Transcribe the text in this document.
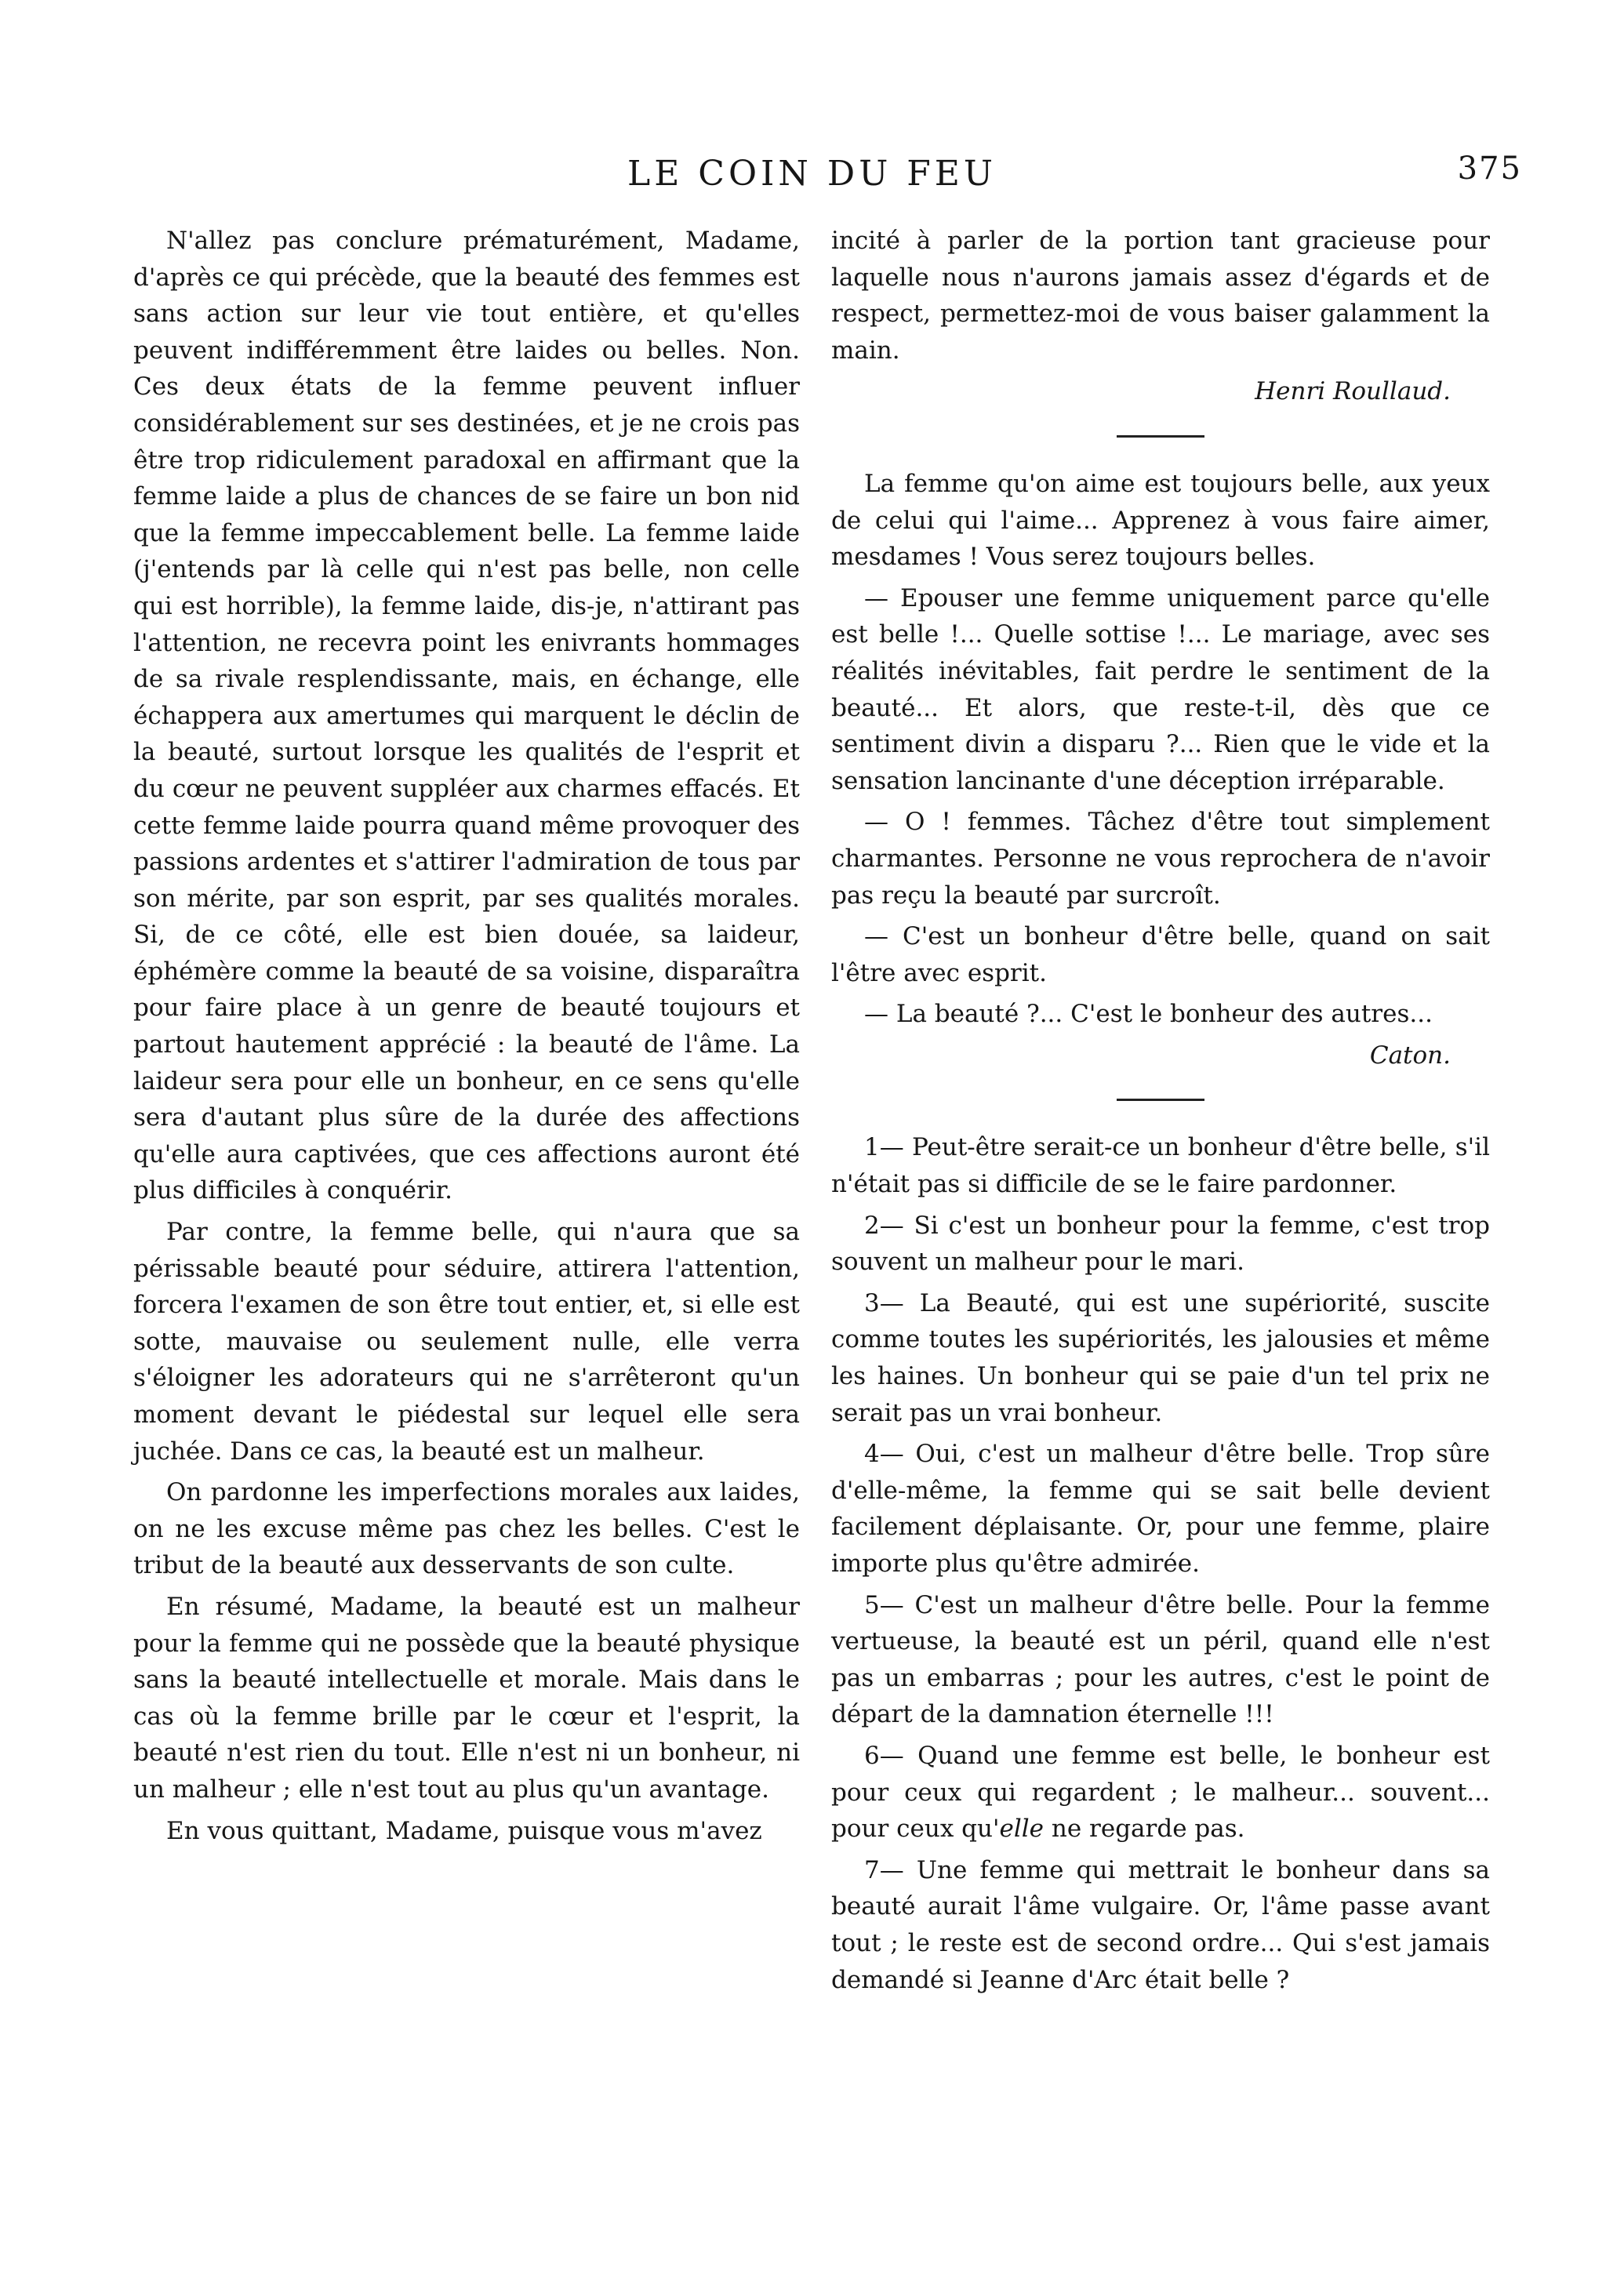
LE COIN DU FEU	375

N'allez pas conclure prématurément, Madame, d'après ce qui précède, que la beauté des femmes est sans action sur leur vie tout entière, et qu'elles peuvent indifféremment être laides ou belles. Non. Ces deux états de la femme peuvent influer considérablement sur ses destinées, et je ne crois pas être trop ridiculement paradoxal en affirmant que la femme laide a plus de chances de se faire un bon nid que la femme impeccablement belle. La femme laide (j'entends par là celle qui n'est pas belle, non celle qui est horrible), la femme laide, dis-je, n'attirant pas l'attention, ne recevra point les enivrants hommages de sa rivale resplendissante, mais, en échange, elle échappera aux amertumes qui marquent le déclin de la beauté, surtout lorsque les qualités de l'esprit et du cœur ne peuvent suppléer aux charmes effacés. Et cette femme laide pourra quand même provoquer des passions ardentes et s'attirer l'admiration de tous par son mérite, par son esprit, par ses qualités morales. Si, de ce côté, elle est bien douée, sa laideur, éphémère comme la beauté de sa voisine, disparaîtra pour faire place à un genre de beauté toujours et partout hautement apprécié : la beauté de l'âme. La laideur sera pour elle un bonheur, en ce sens qu'elle sera d'autant plus sûre de la durée des affections qu'elle aura captivées, que ces affections auront été plus difficiles à conquérir.

Par contre, la femme belle, qui n'aura que sa périssable beauté pour séduire, attirera l'attention, forcera l'examen de son être tout entier, et, si elle est sotte, mauvaise ou seulement nulle, elle verra s'éloigner les adorateurs qui ne s'arrêteront qu'un moment devant le piédestal sur lequel elle sera juchée. Dans ce cas, la beauté est un malheur.

On pardonne les imperfections morales aux laides, on ne les excuse même pas chez les belles. C'est le tribut de la beauté aux desservants de son culte.

En résumé, Madame, la beauté est un malheur pour la femme qui ne possède que la beauté physique sans la beauté intellectuelle et morale. Mais dans le cas où la femme brille par le cœur et l'esprit, la beauté n'est rien du tout. Elle n'est ni un bonheur, ni un malheur ; elle n'est tout au plus qu'un avantage.

En vous quittant, Madame, puisque vous m'avez

incité à parler de la portion tant gracieuse pour laquelle nous n'aurons jamais assez d'égards et de respect, permettez-moi de vous baiser galamment la main.

Henri Roullaud.

La femme qu'on aime est toujours belle, aux yeux de celui qui l'aime... Apprenez à vous faire aimer, mesdames ! Vous serez toujours belles.

— Epouser une femme uniquement parce qu'elle est belle !... Quelle sottise !... Le mariage, avec ses réalités inévitables, fait perdre le sentiment de la beauté... Et alors, que reste-t-il, dès que ce sentiment divin a disparu ?... Rien que le vide et la sensation lancinante d'une déception irréparable.

— O ! femmes. Tâchez d'être tout simplement charmantes. Personne ne vous reprochera de n'avoir pas reçu la beauté par surcroît.

— C'est un bonheur d'être belle, quand on sait l'être avec esprit.

— La beauté ?... C'est le bonheur des autres...

Caton.

1— Peut-être serait-ce un bonheur d'être belle, s'il n'était pas si difficile de se le faire pardonner.

2— Si c'est un bonheur pour la femme, c'est trop souvent un malheur pour le mari.

3— La Beauté, qui est une supériorité, suscite comme toutes les supériorités, les jalousies et même les haines. Un bonheur qui se paie d'un tel prix ne serait pas un vrai bonheur.

4— Oui, c'est un malheur d'être belle. Trop sûre d'elle-même, la femme qui se sait belle devient facilement déplaisante. Or, pour une femme, plaire importe plus qu'être admirée.

5— C'est un malheur d'être belle. Pour la femme vertueuse, la beauté est un péril, quand elle n'est pas un embarras ; pour les autres, c'est le point de départ de la damnation éternelle !!!

6— Quand une femme est belle, le bonheur est pour ceux qui regardent ; le malheur... souvent... pour ceux qu'elle ne regarde pas.

7— Une femme qui mettrait le bonheur dans sa beauté aurait l'âme vulgaire. Or, l'âme passe avant tout ; le reste est de second ordre... Qui s'est jamais demandé si Jeanne d'Arc était belle ?
